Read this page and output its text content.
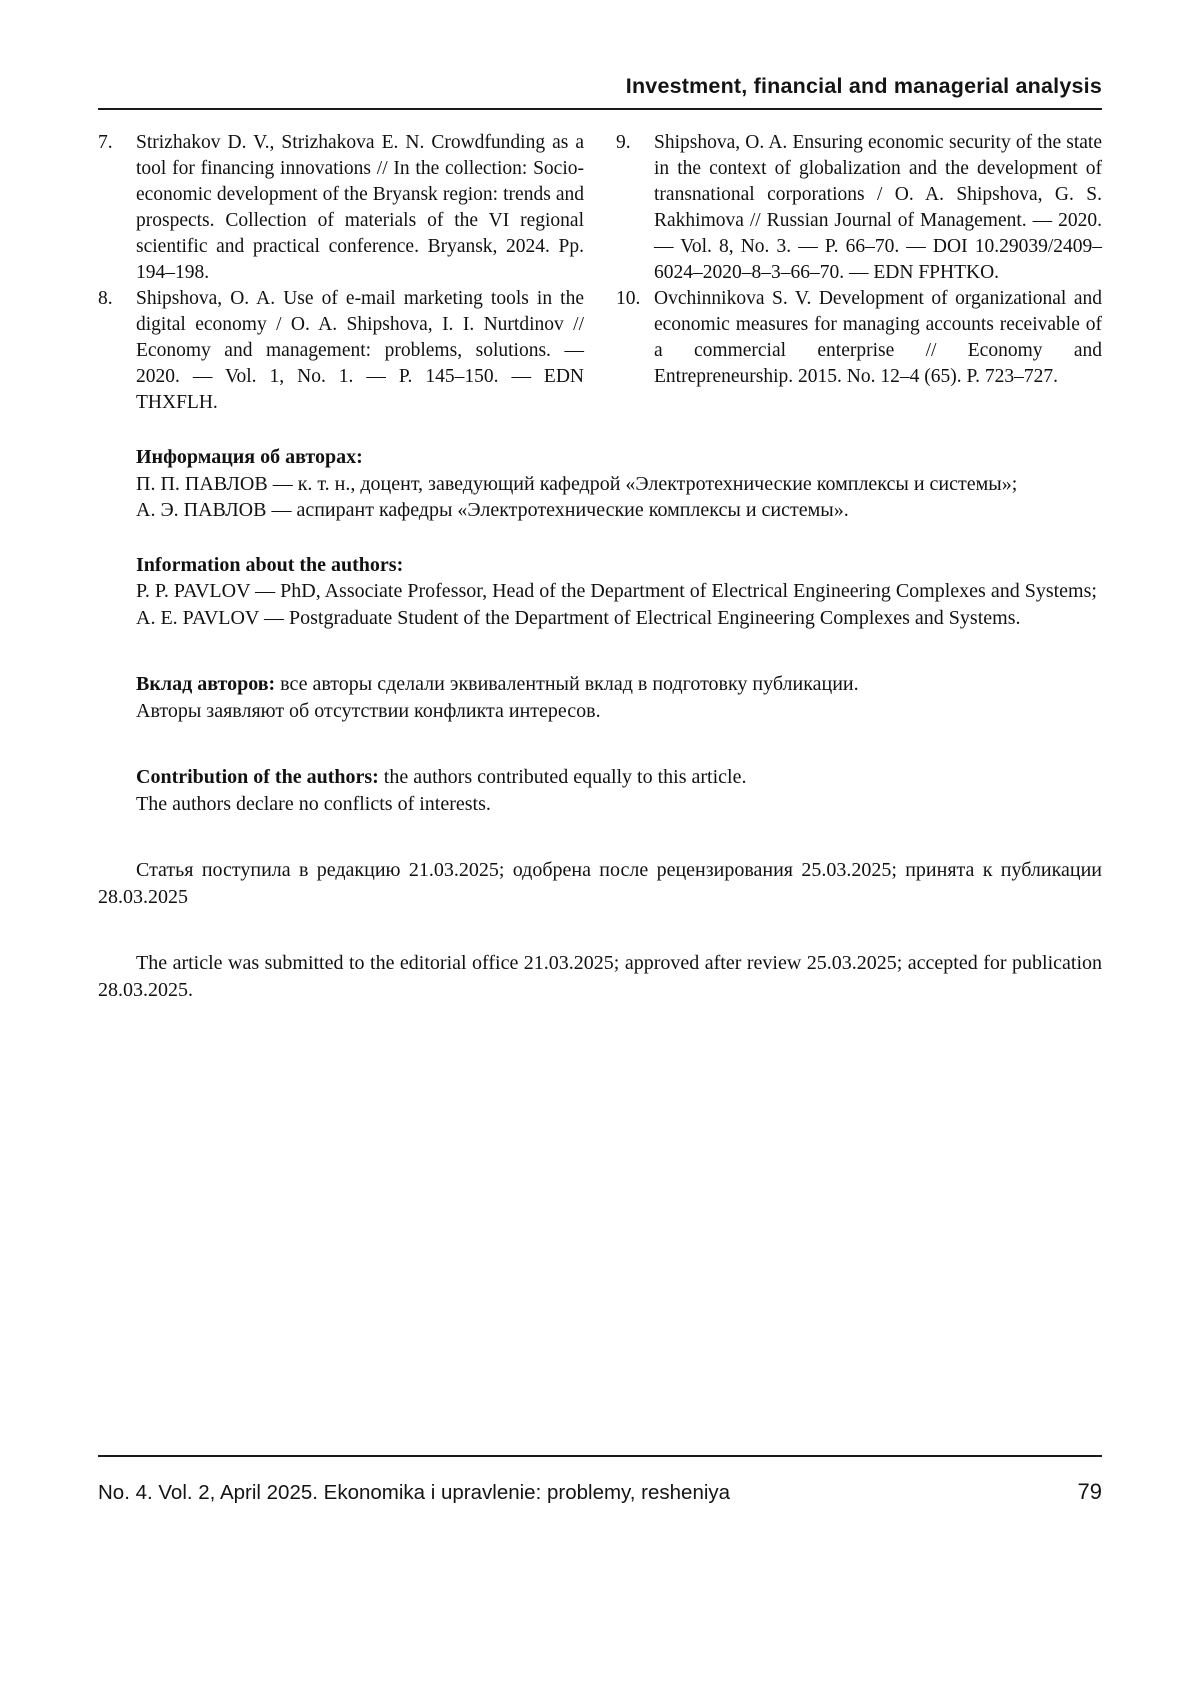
Investment, financial and managerial analysis
7.	Strizhakov D. V., Strizhakova E. N. Crowdfunding as a tool for financing innovations // In the collection: Socio-economic development of the Bryansk region: trends and prospects. Collection of materials of the VI regional scientific and practical conference. Bryansk, 2024. Pp. 194–198.
8.	Shipshova, O. A. Use of e-mail marketing tools in the digital economy / O. A. Shipshova, I. I. Nurtdinov // Economy and management: problems, solutions. — 2020. — Vol. 1, No. 1. — P. 145–150. — EDN THXFLH.
9.	Shipshova, O. A. Ensuring economic security of the state in the context of globalization and the development of transnational corporations / O. A. Shipshova, G. S. Rakhimova // Russian Journal of Management. — 2020. — Vol. 8, No. 3. — P. 66–70. — DOI 10.29039/2409–6024–2020–8–3–66–70. — EDN FPHTKO.
10. Ovchinnikova S. V. Development of organizational and economic measures for managing accounts receivable of a commercial enterprise // Economy and Entrepreneurship. 2015. No. 12–4 (65). P. 723–727.

Информация об авторах:

П. П. ПАВЛОВ — к. т. н., доцент, заведующий кафедрой «Электротехнические комплексы и системы»;

А. Э. ПАВЛОВ — аспирант кафедры «Электротехнические комплексы и системы».

Information about the authors:

P. P. PAVLOV — PhD, Associate Professor, Head of the Department of Electrical Engineering Complexes and Systems;

A. E. PAVLOV — Postgraduate Student of the Department of Electrical Engineering Complexes and Systems.

Вклад авторов: все авторы сделали эквивалентный вклад в подготовку публикации.

Авторы заявляют об отсутствии конфликта интересов.

Contribution of the authors: the authors contributed equally to this article.

The authors declare no conflicts of interests.

Статья поступила в редакцию 21.03.2025; одобрена после рецензирования 25.03.2025; принята к публикации 28.03.2025

The article was submitted to the editorial office 21.03.2025; approved after review 25.03.2025; accepted for publication 28.03.2025.

No. 4. Vol. 2, April 2025. Ekonomika i upravlenie: problemy, resheniya	79
